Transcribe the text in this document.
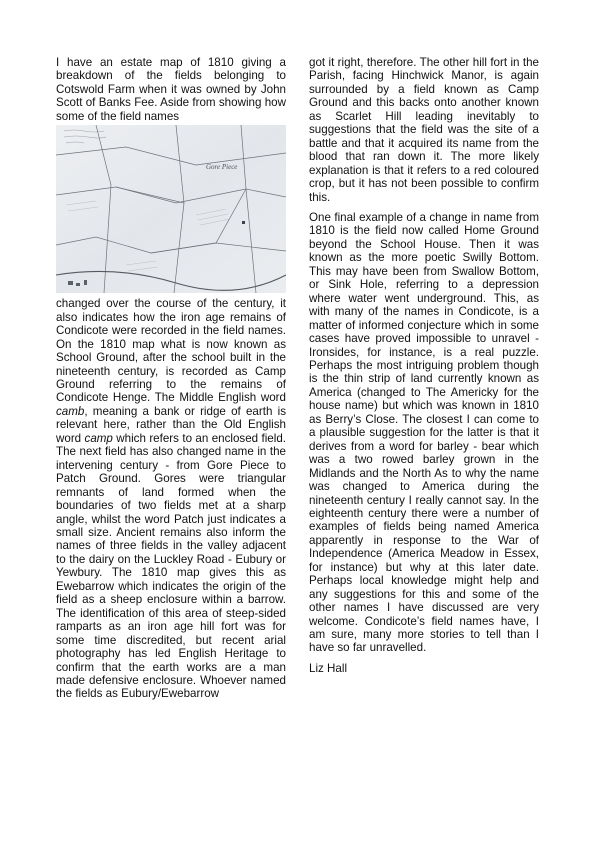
I have an estate map of 1810 giving a breakdown of the fields belonging to Cotswold Farm when it was owned by John Scott of Banks Fee. Aside from showing how some of the field names

Gore Piece

changed over the course of the century, it also indicates how the iron age remains of Condicote were recorded in the field names. On the 1810 map what is now known as School Ground, after the school built in the nineteenth century, is recorded as Camp Ground referring to the remains of Condicote Henge. The Middle English word camb, meaning a bank or ridge of earth is relevant here, rather than the Old English word camp which refers to an enclosed field. The next field has also changed name in the intervening century - from Gore Piece to Patch Ground. Gores were triangular remnants of land formed when the boundaries of two fields met at a sharp angle, whilst the word Patch just indicates a small size. Ancient remains also inform the names of three fields in the valley adjacent to the dairy on the Luckley Road - Eubury or Yewbury. The 1810 map gives this as Ewebarrow which indicates the origin of the field as a sheep enclosure within a barrow. The identification of this area of steep-sided ramparts as an iron age hill fort was for some time discredited, but recent arial photography has led English Heritage to confirm that the earth works are a man made defensive enclosure. Whoever named the fields as Eubury/Ewebarrow

got it right, therefore. The other hill fort in the Parish, facing Hinchwick Manor, is again surrounded by a field known as Camp Ground and this backs onto another known as Scarlet Hill leading inevitably to suggestions that the field was the site of a battle and that it acquired its name from the blood that ran down it. The more likely explanation is that it refers to a red coloured crop, but it has not been possible to confirm this.

One final example of a change in name from 1810 is the field now called Home Ground beyond the School House. Then it was known as the more poetic Swilly Bottom. This may have been from Swallow Bottom, or Sink Hole, referring to a depression where water went underground. This, as with many of the names in Condicote, is a matter of informed conjecture which in some cases have proved impossible to unravel - Ironsides, for instance, is a real puzzle. Perhaps the most intriguing problem though is the thin strip of land currently known as America (changed to The Americky for the house name) but which was known in 1810 as Berry’s Close. The closest I can come to a plausible suggestion for the latter is that it derives from a word for barley - bear which was a two rowed barley grown in the Midlands and the North As to why the name was changed to America during the nineteenth century I really cannot say. In the eighteenth century there were a number of examples of fields being named America apparently in response to the War of Independence (America Meadow in Essex, for instance) but why at this later date. Perhaps local knowledge might help and any suggestions for this and some of the other names I have discussed are very welcome. Condicote’s field names have, I am sure, many more stories to tell than I have so far unravelled.

Liz Hall
